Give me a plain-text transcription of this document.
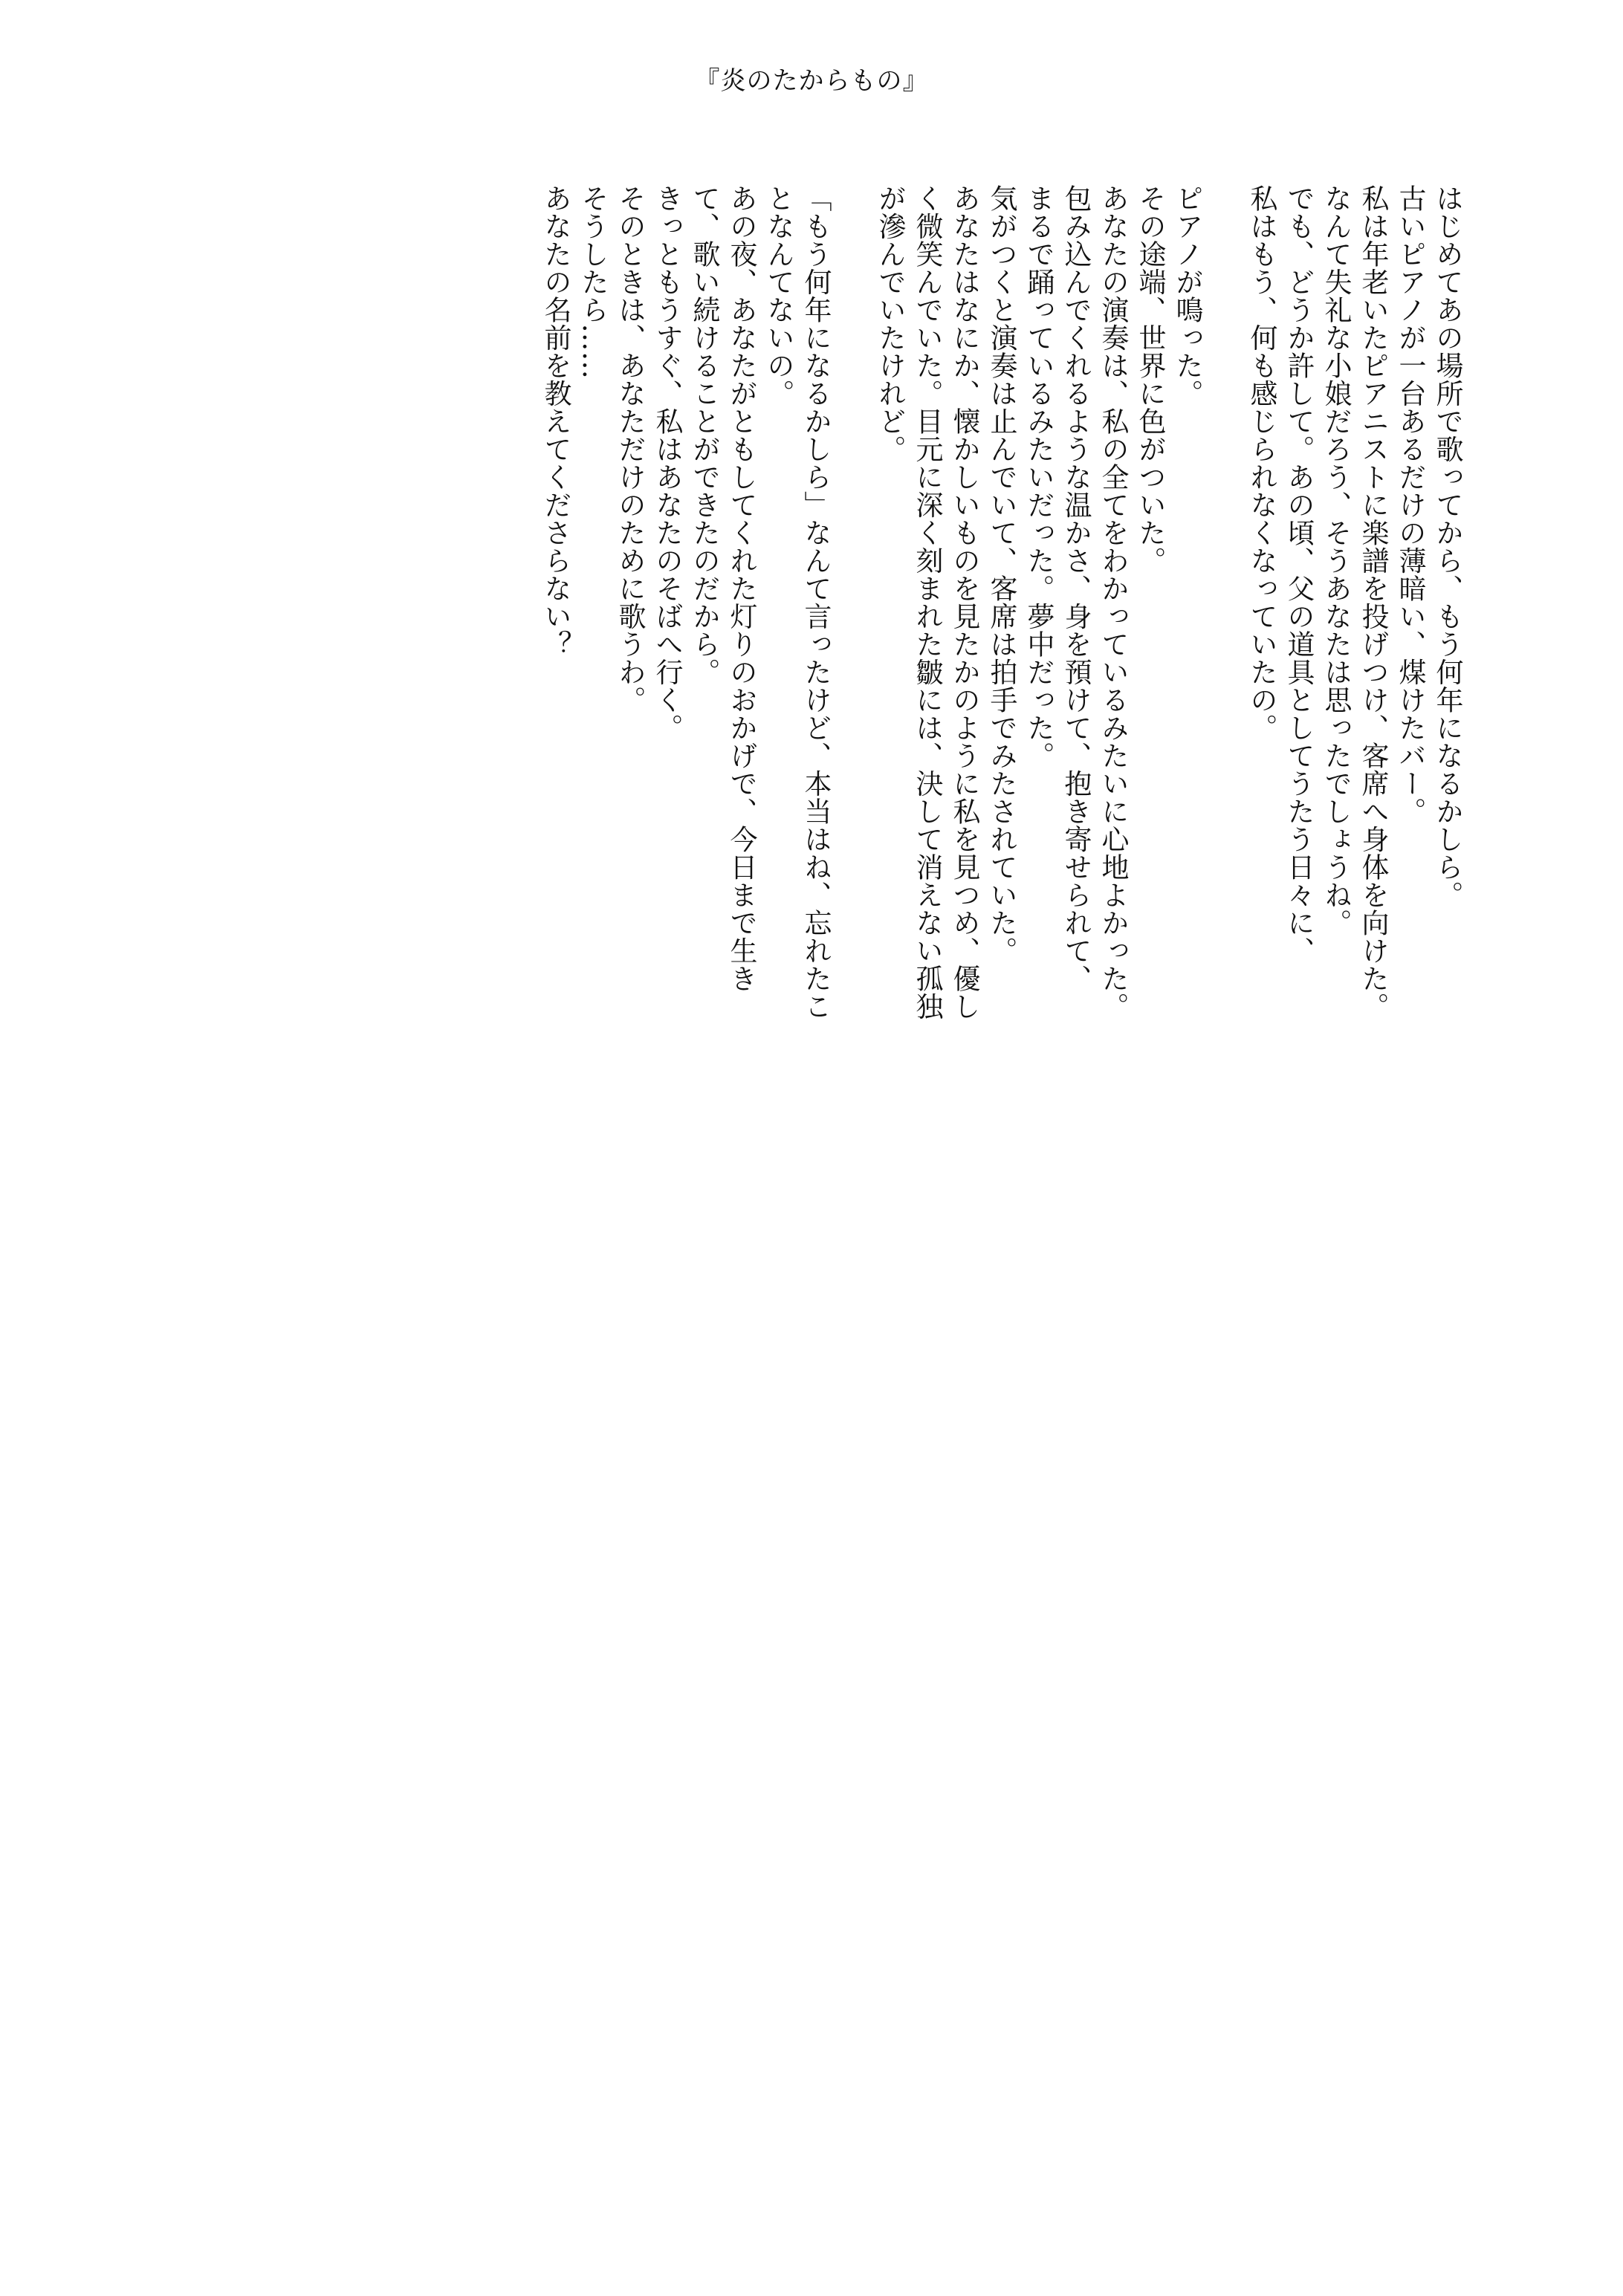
『炎のたからもの』
はじめてあの場所で歌ってから、もう何年になるかしら。
古いピアノが一台あるだけの薄暗い、煤けたバー。
私は年老いたピアニストに楽譜を投げつけ、客席へ身体を向けた。
なんて失礼な小娘だろう、そうあなたは思ったでしょうね。
でも、どうか許して。あの頃、父の道具としてうたう日々に、
私はもう、何も感じられなくなっていたの。
ピアノが鳴った。
その途端、世界に色がついた。
あなたの演奏は、私の全てをわかっているみたいに心地よかった。
包み込んでくれるような温かさ、身を預けて、抱き寄せられて、
まるで踊っているみたいだった。夢中だった。
気がつくと演奏は止んでいて、客席は拍手でみたされていた。
あなたはなにか、懐かしいものを見たかのように私を見つめ、優し
く微笑んでいた。目元に深く刻まれた皺には、決して消えない孤独
が滲んでいたけれど。
「もう何年になるかしら」なんて言ったけど、本当はね、忘れたこ
となんてないの。
あの夜、あなたがともしてくれた灯りのおかげで、今日まで生き
て、歌い続けることができたのだから。
きっともうすぐ、私はあなたのそばへ行く。
そのときは、あなただけのために歌うわ。
そうしたら……
あなたの名前を教えてくださらない？
